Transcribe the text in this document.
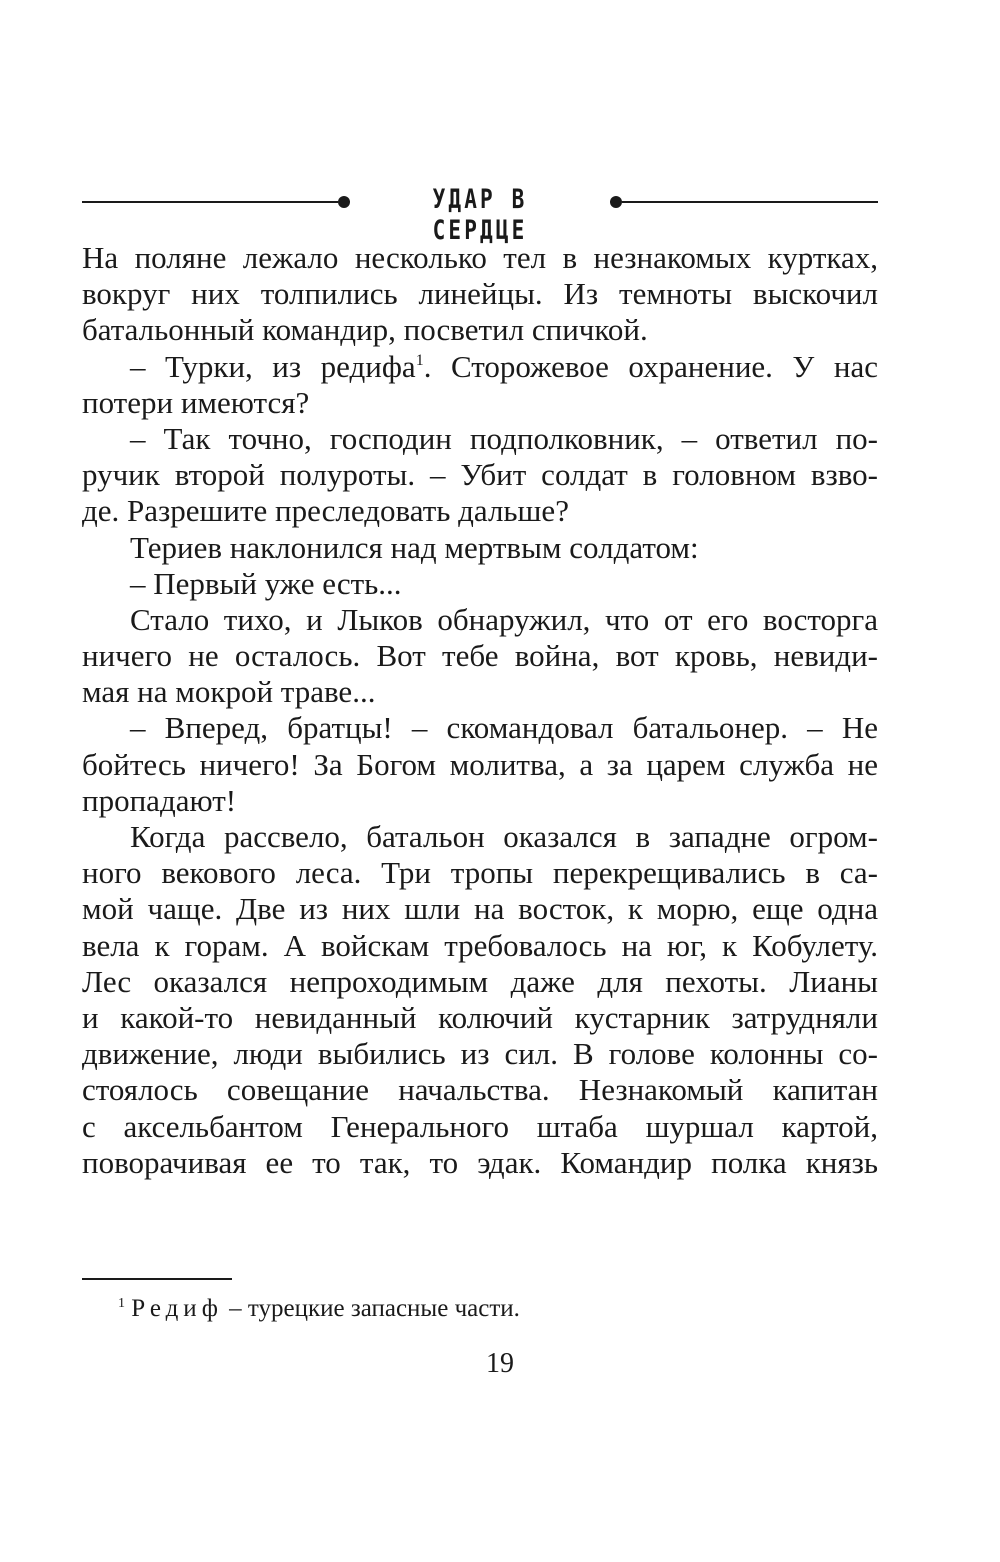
УДАР В СЕРДЦЕ
На поляне лежало несколько тел в незнакомых куртках,
вокруг них толпились линейцы. Из темноты выскочил
батальонный командир, посветил спичкой.
– Турки, из редифа$^1$. Сторожевое охранение. У нас
потери имеются?
– Так точно, господин подполковник, – ответил по-
ручик второй полуроты. – Убит солдат в головном взво-
де. Разрешите преследовать дальше?
Териев наклонился над мертвым солдатом:
– Первый уже есть...
Стало тихо, и Лыков обнаружил, что от его восторга
ничего не осталось. Вот тебе война, вот кровь, невиди-
мая на мокрой траве...
– Вперед, братцы! – скомандовал батальонер. – Не
бойтесь ничего! За Богом молитва, а за царем служба не
пропадают!
Когда рассвело, батальон оказался в западне огром-
ного векового леса. Три тропы перекрещивались в са-
мой чаще. Две из них шли на восток, к морю, еще одна
вела к горам. А войскам требовалось на юг, к Кобулету.
Лес оказался непроходимым даже для пехоты. Лианы
и какой-то невиданный колючий кустарник затрудняли
движение, люди выбились из сил. В голове колонны со-
стоялось совещание начальства. Незнакомый капитан
с аксельбантом Генерального штаба шуршал картой,
поворачивая ее то так, то эдак. Командир полка князь
$^1$ Редиф – турецкие запасные части.
19
